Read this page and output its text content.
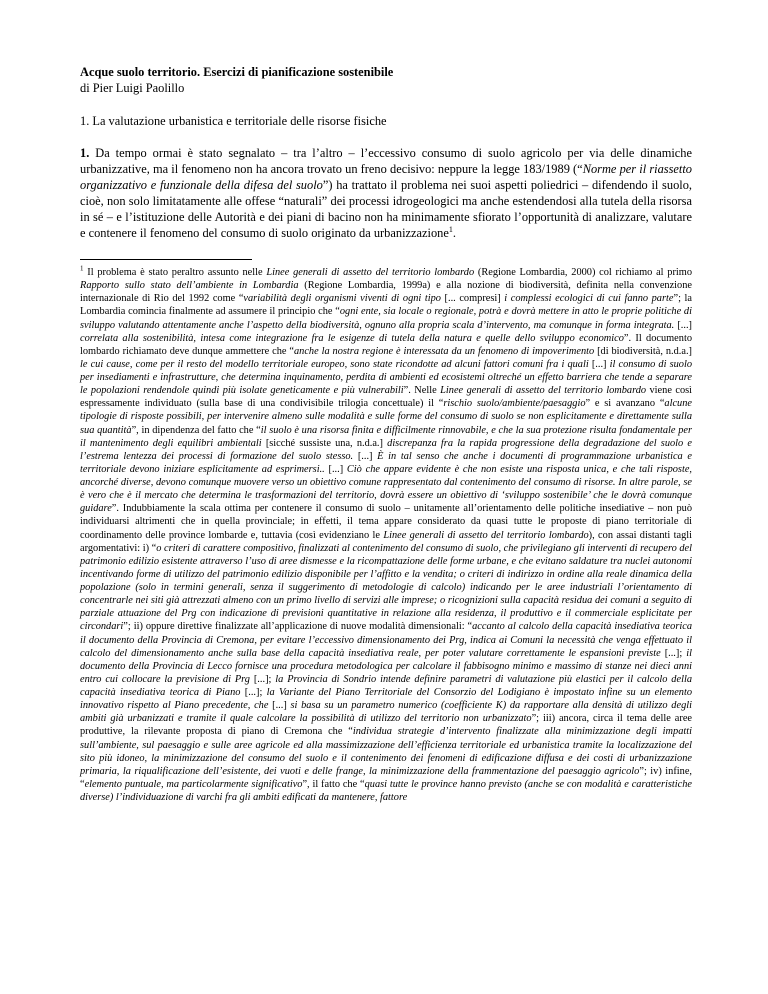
Acque suolo territorio. Esercizi di pianificazione sostenibile

di Pier Luigi Paolillo

1. La valutazione urbanistica e territoriale delle risorse fisiche

1. Da tempo ormai è stato segnalato – tra l’altro – l’eccessivo consumo di suolo agricolo per via delle dinamiche urbanizzative, ma il fenomeno non ha ancora trovato un freno decisivo: neppure la legge 183/1989 (“Norme per il riassetto organizzativo e funzionale della difesa del suolo”) ha trattato il problema nei suoi aspetti poliedrici – difendendo il suolo, cioè, non solo limitatamente alle offese “naturali” dei processi idrogeologici ma anche estendendosi alla tutela della risorsa in sé – e l’istituzione delle Autorità e dei piani di bacino non ha minimamente sfiorato l’opportunità di analizzare, valutare e contenere il fenomeno del consumo di suolo originato da urbanizzazione$^1$.

$^1$ Il problema è stato peraltro assunto nelle Linee generali di assetto del territorio lombardo (Regione Lombardia, 2000) col richiamo al primo Rapporto sullo stato dell’ambiente in Lombardia (Regione Lombardia, 1999a) e alla nozione di biodiversità, definita nella convenzione internazionale di Rio del 1992 come “variabilità degli organismi viventi di ogni tipo [... compresi] i complessi ecologici di cui fanno parte”; la Lombardia comincia finalmente ad assumere il principio che “ogni ente, sia locale o regionale, potrà e dovrà mettere in atto le proprie politiche di sviluppo valutando attentamente anche l’aspetto della biodiversità, ognuno alla propria scala d’intervento, ma comunque in forma integrata. [...] correlata alla sostenibilità, intesa come integrazione fra le esigenze di tutela della natura e quelle dello sviluppo economico”. Il documento lombardo richiamato deve dunque ammettere che “anche la nostra regione è interessata da un fenomeno di impoverimento [di biodiversità, n.d.a.] le cui cause, come per il resto del modello territoriale europeo, sono state ricondotte ad alcuni fattori comuni fra i quali [...] il consumo di suolo per insediamenti e infrastrutture, che determina inquinamento, perdita di ambienti ed ecosistemi oltreché un effetto barriera che tende a separare le popolazioni rendendole quindi più isolate geneticamente e più vulnerabili”. Nelle Linee generali di assetto del territorio lombardo viene così espressamente individuato (sulla base di una condivisibile trilogia concettuale) il “rischio suolo/ambiente/paesaggio” e si avanzano “alcune tipologie di risposte possibili, per intervenire almeno sulle modalità e sulle forme del consumo di suolo se non esplicitamente e direttamente sulla sua quantità”, in dipendenza del fatto che “il suolo è una risorsa finita e difficilmente rinnovabile, e che la sua protezione risulta fondamentale per il mantenimento degli equilibri ambientali [sicché sussiste una, n.d.a.] discrepanza fra la rapida progressione della degradazione del suolo e l’estrema lentezza dei processi di formazione del suolo stesso. [...] È in tal senso che anche i documenti di programmazione urbanistica e territoriale devono iniziare esplicitamente ad esprimersi.. [...] Ciò che appare evidente è che non esiste una risposta unica, e che tali risposte, ancorché diverse, devono comunque muovere verso un obiettivo comune rappresentato dal contenimento del consumo di risorse. In altre parole, se è vero che è il mercato che determina le trasformazioni del territorio, dovrà essere un obiettivo di ‘sviluppo sostenibile’ che le dovrà comunque guidare”. Indubbiamente la scala ottima per contenere il consumo di suolo – unitamente all’orientamento delle politiche insediative – non può individuarsi altrimenti che in quella provinciale; in effetti, il tema appare considerato da quasi tutte le proposte di piano territoriale di coordinamento delle province lombarde e, tuttavia (così evidenziano le Linee generali di assetto del territorio lombardo), con assai distanti tagli argomentativi: i) “o criteri di carattere compositivo, finalizzati al contenimento del consumo di suolo, che privilegiano gli interventi di recupero del patrimonio edilizio esistente attraverso l’uso di aree dismesse e la ricompattazione delle forme urbane, e che evitano saldature tra nuclei autonomi incentivando forme di utilizzo del patrimonio edilizio disponibile per l’affitto e la vendita; o criteri di indirizzo in ordine alla reale dinamica della popolazione (solo in termini generali, senza il suggerimento di metodologie di calcolo) indicando per le aree industriali l’orientamento di concentrarle nei siti già attrezzati almeno con un primo livello di servizi alle imprese; o ricognizioni sulla capacità residua dei comuni a seguito di parziale attuazione del Prg con indicazione di previsioni quantitative in relazione alla residenza, il produttivo e il commerciale esplicitate per circondari”; ii) oppure direttive finalizzate all’applicazione di nuove modalità dimensionali: “accanto al calcolo della capacità insediativa teorica il documento della Provincia di Cremona, per evitare l’eccessivo dimensionamento dei Prg, indica ai Comuni la necessità che venga effettuato il calcolo del dimensionamento anche sulla base della capacità insediativa reale, per poter valutare correttamente le espansioni previste [...]; il documento della Provincia di Lecco fornisce una procedura metodologica per calcolare il fabbisogno minimo e massimo di stanze nei dieci anni entro cui collocare la previsione di Prg [...]; la Provincia di Sondrio intende definire parametri di valutazione più elastici per il calcolo della capacità insediativa teorica di Piano [...]; la Variante del Piano Territoriale del Consorzio del Lodigiano è impostato infine su un elemento innovativo rispetto al Piano precedente, che [...] si basa su un parametro numerico (coefficiente K) da rapportare alla densità di utilizzo degli ambiti già urbanizzati e tramite il quale calcolare la possibilità di utilizzo del territorio non urbanizzato”; iii) ancora, circa il tema delle aree produttive, la rilevante proposta di piano di Cremona che “individua strategie d’intervento finalizzate alla minimizzazione degli impatti sull’ambiente, sul paesaggio e sulle aree agricole ed alla massimizzazione dell’efficienza territoriale ed urbanistica tramite la localizzazione del sito più idoneo, la minimizzazione del consumo del suolo e il contenimento dei fenomeni di edificazione diffusa e dei costi di urbanizzazione primaria, la riqualificazione dell’esistente, dei vuoti e delle frange, la minimizzazione della frammentazione del paesaggio agricolo”; iv) infine, “elemento puntuale, ma particolarmente significativo”, il fatto che “quasi tutte le province hanno previsto (anche se con modalità e caratteristiche diverse) l’individuazione di varchi fra gli ambiti edificati da mantenere, fattore
